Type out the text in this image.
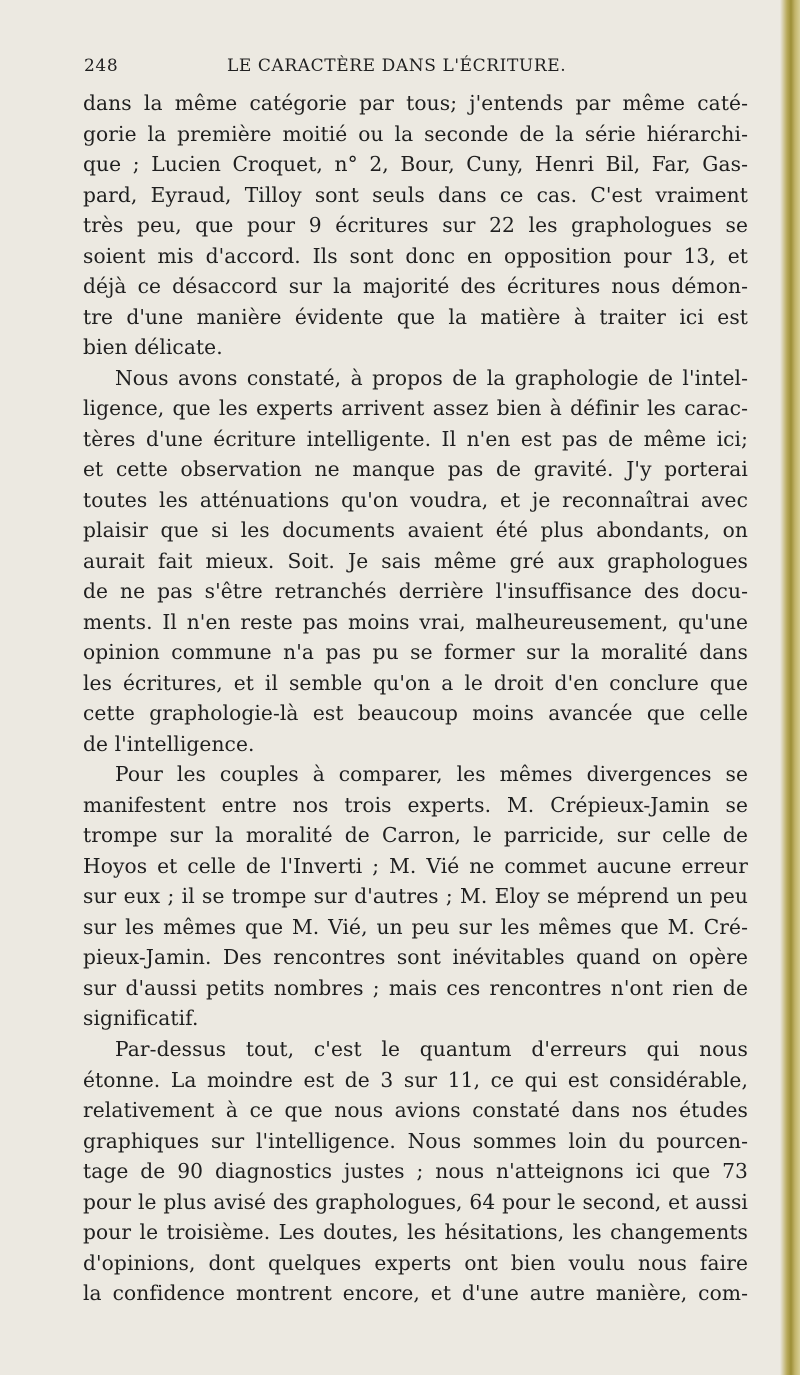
248	LE CARACTÈRE DANS L'ÉCRITURE.
dans la même catégorie par tous; j'entends par même caté-
gorie la première moitié ou la seconde de la série hiérarchi-
que ; Lucien Croquet, n° 2, Bour, Cuny, Henri Bil, Far, Gas-
pard, Eyraud, Tilloy sont seuls dans ce cas. C'est vraiment
très peu, que pour 9 écritures sur 22 les graphologues se
soient mis d'accord. Ils sont donc en opposition pour 13, et
déjà ce désaccord sur la majorité des écritures nous démon-
tre d'une manière évidente que la matière à traiter ici est
bien délicate.
Nous avons constaté, à propos de la graphologie de l'intel-
ligence, que les experts arrivent assez bien à définir les carac-
tères d'une écriture intelligente. Il n'en est pas de même ici;
et cette observation ne manque pas de gravité. J'y porterai
toutes les atténuations qu'on voudra, et je reconnaîtrai avec
plaisir que si les documents avaient été plus abondants, on
aurait fait mieux. Soit. Je sais même gré aux graphologues
de ne pas s'être retranchés derrière l'insuffisance des docu-
ments. Il n'en reste pas moins vrai, malheureusement, qu'une
opinion commune n'a pas pu se former sur la moralité dans
les écritures, et il semble qu'on a le droit d'en conclure que
cette graphologie-là est beaucoup moins avancée que celle
de l'intelligence.
Pour les couples à comparer, les mêmes divergences se
manifestent entre nos trois experts. M. Crépieux-Jamin se
trompe sur la moralité de Carron, le parricide, sur celle de
Hoyos et celle de l'Inverti ; M. Vié ne commet aucune erreur
sur eux ; il se trompe sur d'autres ; M. Eloy se méprend un peu
sur les mêmes que M. Vié, un peu sur les mêmes que M. Cré-
pieux-Jamin. Des rencontres sont inévitables quand on opère
sur d'aussi petits nombres ; mais ces rencontres n'ont rien de
significatif.
Par-dessus tout, c'est le quantum d'erreurs qui nous
étonne. La moindre est de 3 sur 11, ce qui est considérable,
relativement à ce que nous avions constaté dans nos études
graphiques sur l'intelligence. Nous sommes loin du pourcen-
tage de 90 diagnostics justes ; nous n'atteignons ici que 73
pour le plus avisé des graphologues, 64 pour le second, et aussi
pour le troisième. Les doutes, les hésitations, les changements
d'opinions, dont quelques experts ont bien voulu nous faire
la confidence montrent encore, et d'une autre manière, com-
